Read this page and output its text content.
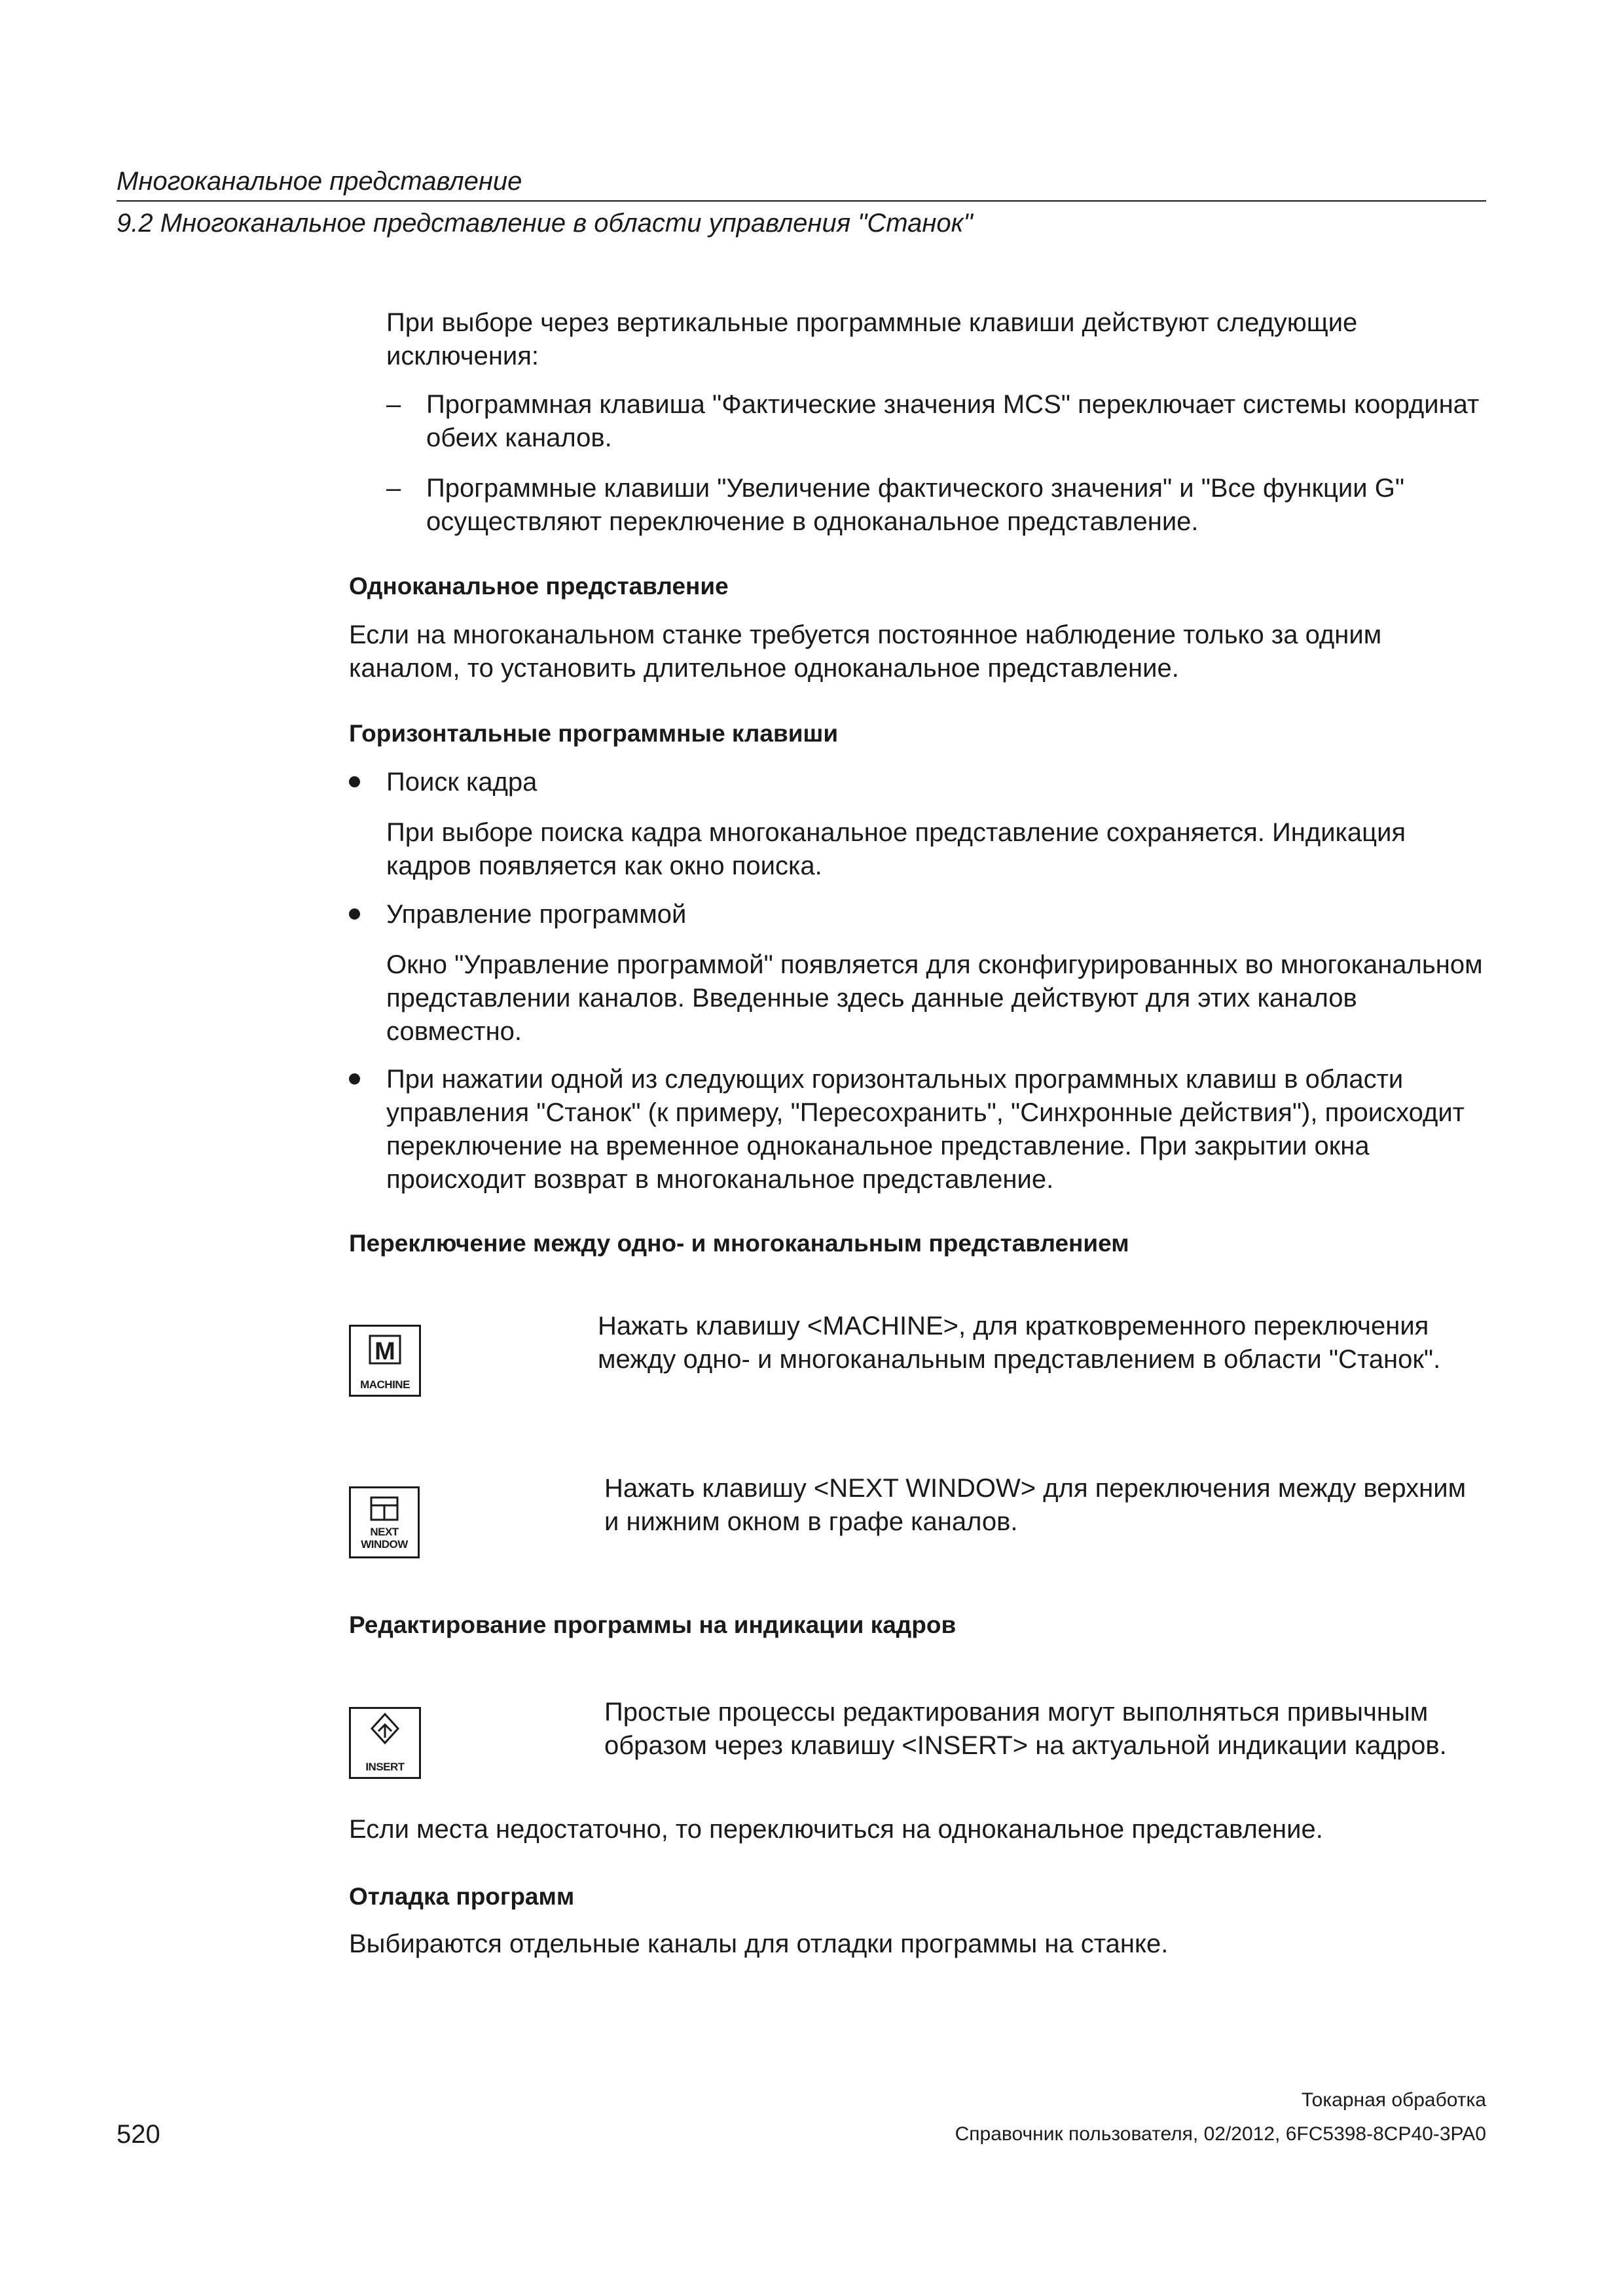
Многоканальное представление
9.2 Многоканальное представление в области управления "Станок"
При выборе через вертикальные программные клавиши действуют следующие исключения:
– Программная клавиша "Фактические значения MCS" переключает системы координат обеих каналов.
– Программные клавиши "Увеличение фактического значения" и "Все функции G" осуществляют переключение в одноканальное представление.
Одноканальное представление
Если на многоканальном станке требуется постоянное наблюдение только за одним каналом, то установить длительное одноканальное представление.
Горизонтальные программные клавиши
Поиск кадра
При выборе поиска кадра многоканальное представление сохраняется. Индикация кадров появляется как окно поиска.
Управление программой
Окно "Управление программой" появляется для сконфигурированных во многоканальном представлении каналов. Введенные здесь данные действуют для этих каналов совместно.
При нажатии одной из следующих горизонтальных программных клавиш в области управления "Станок" (к примеру, "Пересохранить", "Синхронные действия"), происходит переключение на временное одноканальное представление. При закрытии окна происходит возврат в многоканальное представление.
Переключение между одно- и многоканальным представлением
M
MACHINE
Нажать клавишу <MACHINE>, для кратковременного переключения между одно- и многоканальным представлением в области "Станок".
NEXT
WINDOW
Нажать клавишу <NEXT WINDOW> для переключения между верхним и нижним окном в графе каналов.
Редактирование программы на индикации кадров
INSERT
Простые процессы редактирования могут выполняться привычным образом через клавишу <INSERT> на актуальной индикации кадров.
Если места недостаточно, то переключиться на одноканальное представление.
Отладка программ
Выбираются отдельные каналы для отладки программы на станке.
Токарная обработка
520	Справочник пользователя, 02/2012, 6FC5398-8CP40-3PA0
